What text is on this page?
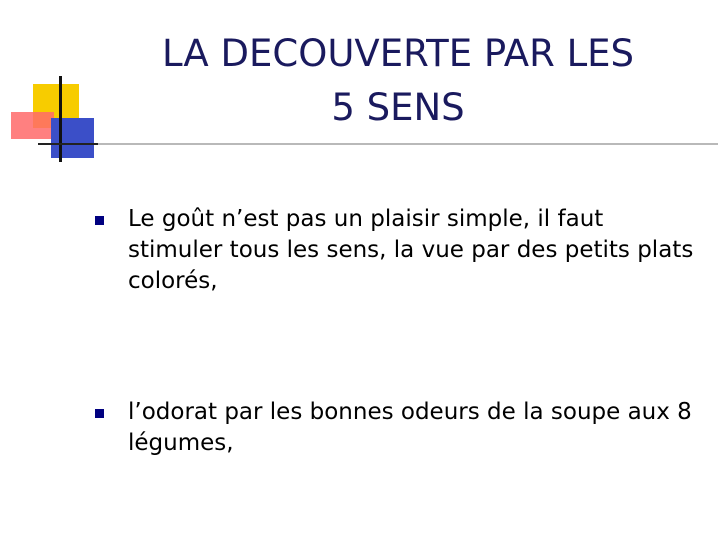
LA DECOUVERTE PAR LES
5 SENS
Le goût n’est pas un plaisir simple, il faut stimuler tous les sens, la vue par des petits plats colorés,
l’odorat par les bonnes odeurs de la soupe aux 8 légumes,
